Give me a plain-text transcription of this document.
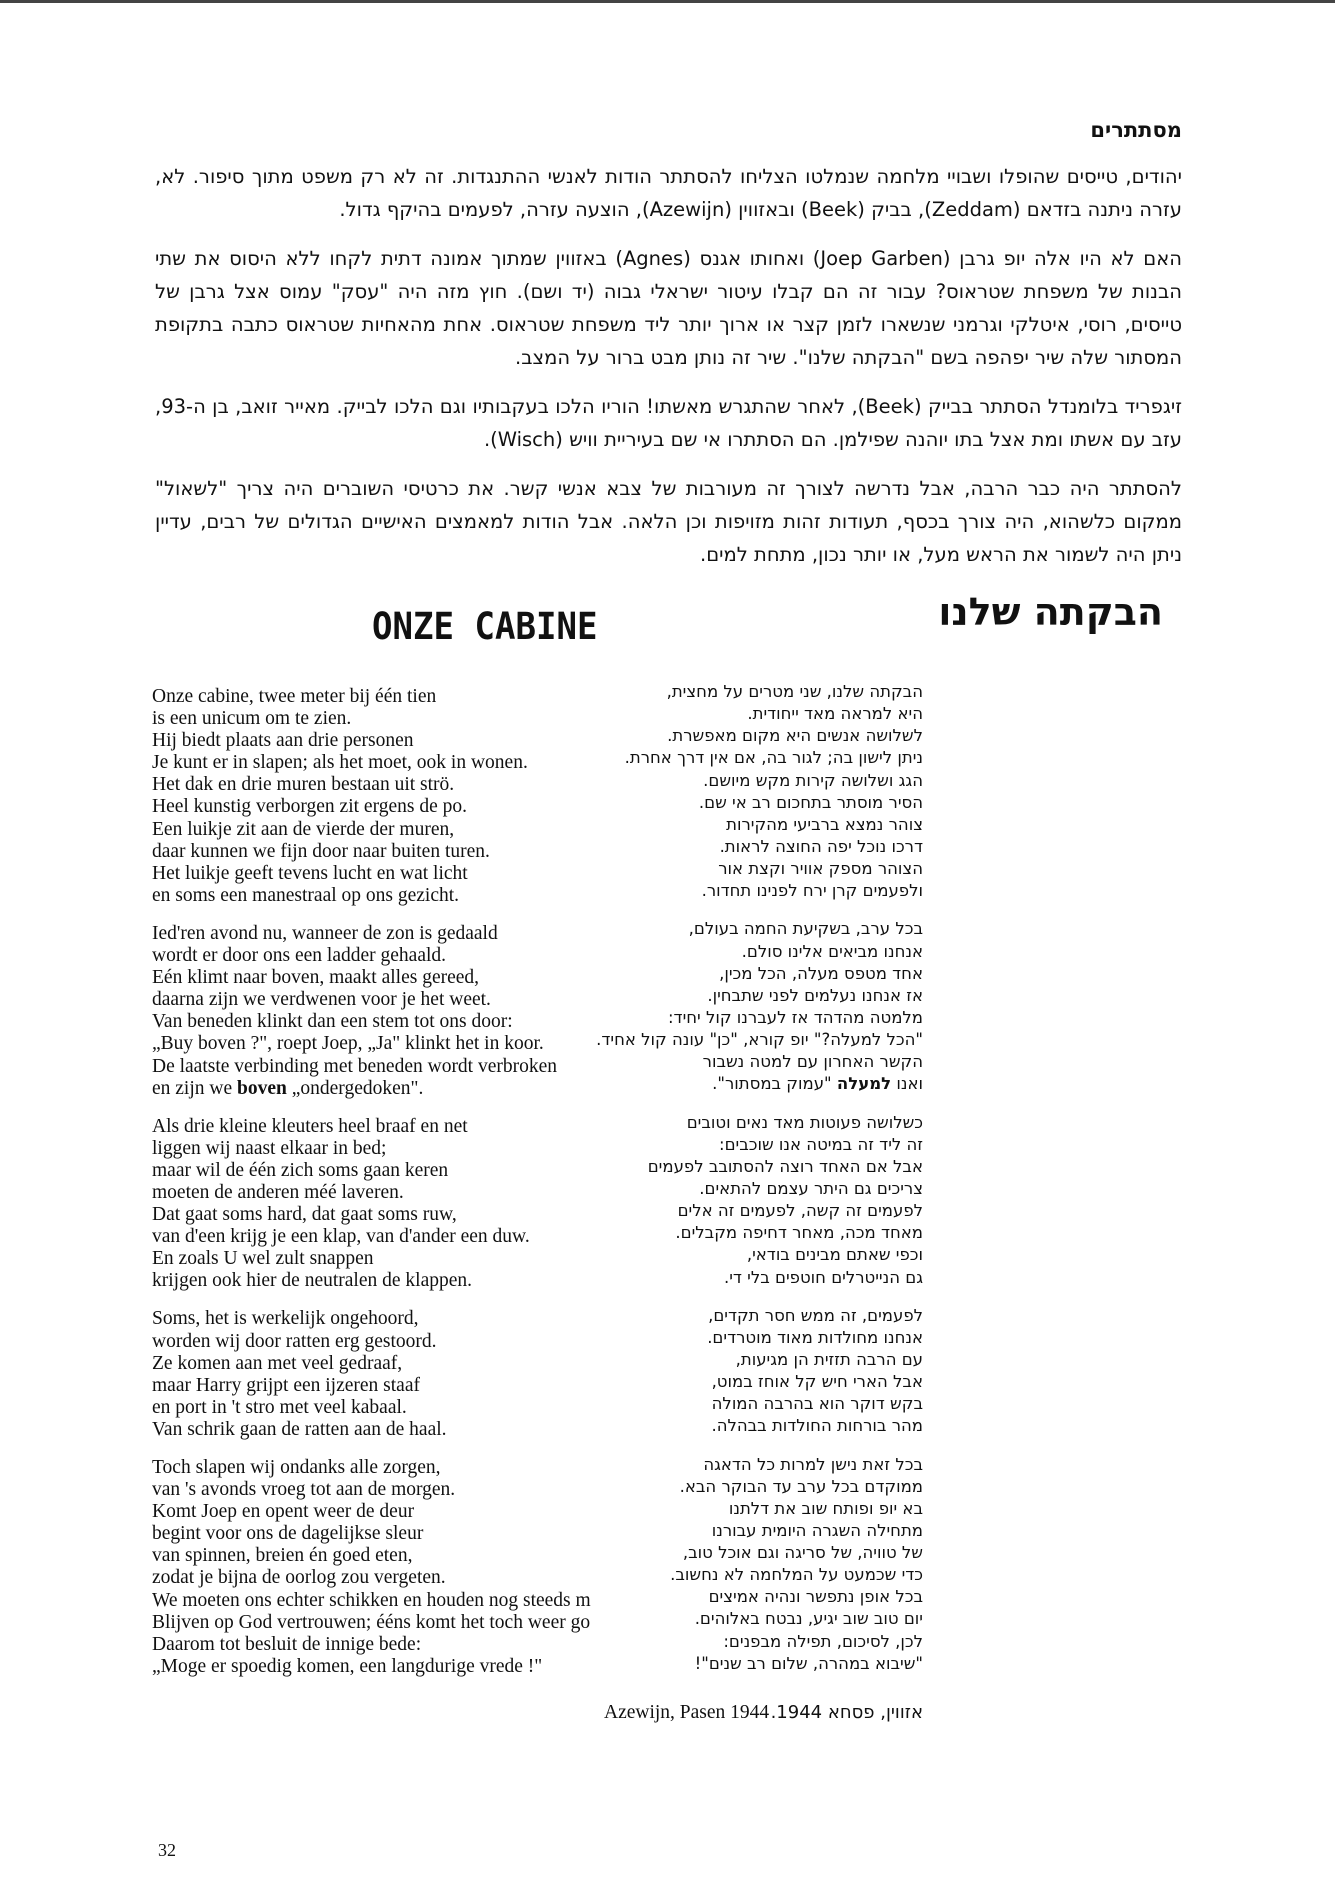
מסתתרים

יהודים, טייסים שהופלו ושבויי מלחמה שנמלטו הצליחו להסתתר הודות לאנשי ההתנגדות. זה לא רק משפט מתוך סיפור. לא, עזרה ניתנה בזדאם (Zeddam), בביק (Beek) ובאזווין (Azewijn), הוצעה עזרה, לפעמים בהיקף גדול.

האם לא היו אלה יופ גרבן (Joep Garben) ואחותו אגנס (Agnes) באזווין שמתוך אמונה דתית לקחו ללא היסוס את שתי הבנות של משפחת שטראוס? עבור זה הם קבלו עיטור ישראלי גבוה (יד ושם). חוץ מזה היה "עסק" עמוס אצל גרבן של טייסים, רוסי, איטלקי וגרמני שנשארו לזמן קצר או ארוך יותר ליד משפחת שטראוס. אחת מהאחיות שטראוס כתבה בתקופת המסתור שלה שיר יפהפה בשם "הבקתה שלנו". שיר זה נותן מבט ברור על המצב.

זיגפריד בלומנדל הסתתר בבייק (Beek), לאחר שהתגרש מאשתו! הוריו הלכו בעקבותיו וגם הלכו לבייק. מאייר זואב, בן ה-93, עזב עם אשתו ומת אצל בתו יוהנה שפילמן. הם הסתתרו אי שם בעיריית וויש (Wisch).

להסתתר היה כבר הרבה, אבל נדרשה לצורך זה מעורבות של צבא אנשי קשר. את כרטיסי השוברים היה צריך "לשאול" ממקום כלשהוא, היה צורך בכסף, תעודות זהות מזויפות וכן הלאה. אבל הודות למאמצים האישיים הגדולים של רבים, עדיין ניתן היה לשמור את הראש מעל, או יותר נכון, מתחת למים.

הבקתה שלנו
ONZE CABINE
Onze cabine, twee meter bij één tien
is een unicum om te zien.
Hij biedt plaats aan drie personen
Je kunt er in slapen; als het moet, ook in wonen.
Het dak en drie muren bestaan uit strö.
Heel kunstig verborgen zit ergens de po.
Een luikje zit aan de vierde der muren,
daar kunnen we fijn door naar buiten turen.
Het luikje geeft tevens lucht en wat licht
en soms een manestraal op ons gezicht.
Ied'ren avond nu, wanneer de zon is gedaald
wordt er door ons een ladder gehaald.
Eén klimt naar boven, maakt alles gereed,
daarna zijn we verdwenen voor je het weet.
Van beneden klinkt dan een stem tot ons door:
„Buy boven ?", roept Joep, „Ja" klinkt het in koor.
De laatste verbinding met beneden wordt verbroken
en zijn we boven „ondergedoken".
Als drie kleine kleuters heel braaf en net
liggen wij naast elkaar in bed;
maar wil de één zich soms gaan keren
moeten de anderen méé laveren.
Dat gaat soms hard, dat gaat soms ruw,
van d'een krijg je een klap, van d'ander een duw.
En zoals U wel zult snappen
krijgen ook hier de neutralen de klappen.
Soms, het is werkelijk ongehoord,
worden wij door ratten erg gestoord.
Ze komen aan met veel gedraaf,
maar Harry grijpt een ijzeren staaf
en port in 't stro met veel kabaal.
Van schrik gaan de ratten aan de haal.
Toch slapen wij ondanks alle zorgen,
van 's avonds vroeg tot aan de morgen.
Komt Joep en opent weer de deur
begint voor ons de dagelijkse sleur
van spinnen, breien én goed eten,
zodat je bijna de oorlog zou vergeten.
We moeten ons echter schikken en houden nog steeds m
Blijven op God vertrouwen; ééns komt het toch weer go
Daarom tot besluit de innige bede:
„Moge er spoedig komen, een langdurige vrede !"
הבקתה שלנו, שני מטרים על מחצית,
היא למראה מאד ייחודית.
לשלושה אנשים היא מקום מאפשרת.
ניתן לישון בה; לגור בה, אם אין דרך אחרת.
הגג ושלושה קירות מקש מיושם.
הסיר מוסתר בתחכום רב אי שם.
צוהר נמצא ברביעי מהקירות
דרכו נוכל יפה החוצה לראות.
הצוהר מספק אוויר וקצת אור
ולפעמים קרן ירח לפנינו תחדור.
בכל ערב, בשקיעת החמה בעולם,
אנחנו מביאים אלינו סולם.
אחד מטפס מעלה, הכל מכין,
אז אנחנו נעלמים לפני שתבחין.
מלמטה מהדהד אז לעברנו קול יחיד:
"הכל למעלה?" יופ קורא, "כן" עונה קול אחיד.
הקשר האחרון עם למטה נשבור
ואנו למעלה "עמוק במסתור".
כשלושה פעוטות מאד נאים וטובים
זה ליד זה במיטה אנו שוכבים:
אבל אם האחד רוצה להסתובב לפעמים
צריכים גם היתר עצמם להתאים.
לפעמים זה קשה, לפעמים זה אלים
מאחד מכה, מאחר דחיפה מקבלים.
וכפי שאתם מבינים בודאי,
גם הנייטרלים חוטפים בלי די.
לפעמים, זה ממש חסר תקדים,
אנחנו מחולדות מאוד מוטרדים.
עם הרבה תזזית הן מגיעות,
אבל הארי חיש קל אוחז במוט,
בקש דוקר הוא בהרבה המולה
מהר בורחות החולדות בבהלה.
בכל זאת נישן למרות כל הדאגה
ממוקדם בכל ערב עד הבוקר הבא.
בא יופ ופותח שוב את דלתנו
מתחילה השגרה היומית עבורנו
של טוויה, של סריגה וגם אוכל טוב,
כדי שכמעט על המלחמה לא נחשוב.
בכל אופן נתפשר ונהיה אמיצים
יום טוב שוב יגיע, נבטח באלוהים.
לכן, לסיכום, תפילה מבפנים:
"שיבוא במהרה, שלום רב שנים"!
Azewijn, Pasen 1944 אזווין, פסחא 1944.
32
